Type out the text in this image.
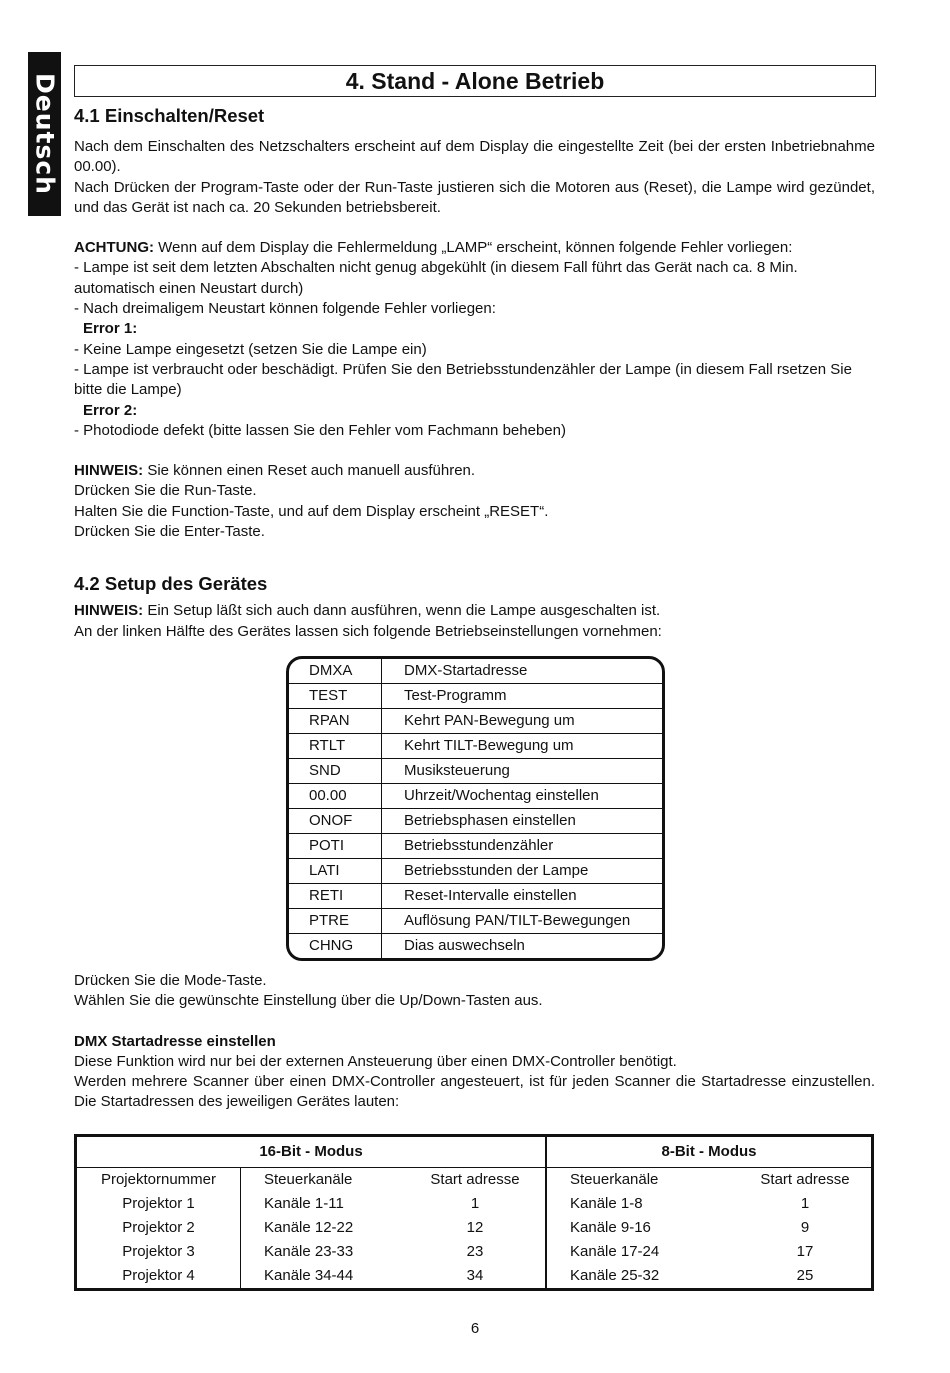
Deutsch	4. Stand - Alone Betrieb
4.1 Einschalten/Reset

Nach dem Einschalten des Netzschalters erscheint auf dem Display die eingestellte Zeit (bei der ersten Inbetriebnahme 00.00).

Nach Drücken der Program-Taste oder der Run-Taste justieren sich die Motoren aus (Reset), die Lampe wird gezündet, und das Gerät ist nach ca. 20 Sekunden betriebsbereit.

ACHTUNG: Wenn auf dem Display die Fehlermeldung „LAMP“ erscheint, können folgende Fehler vorliegen:

- Lampe ist seit dem letzten Abschalten nicht genug abgekühlt (in diesem Fall führt das Gerät nach ca. 8 Min. automatisch einen Neustart durch)

- Nach dreimaligem Neustart können folgende Fehler vorliegen:

Error 1:

- Keine Lampe eingesetzt (setzen Sie die Lampe ein)

- Lampe ist verbraucht oder beschädigt. Prüfen Sie den Betriebsstundenzähler der Lampe (in diesem Fall rsetzen Sie bitte die Lampe)

Error 2:

- Photodiode defekt (bitte lassen Sie den Fehler vom Fachmann beheben)

HINWEIS: Sie können einen Reset auch manuell ausführen.

Drücken Sie die Run-Taste.

Halten Sie die Function-Taste, und auf dem Display erscheint „RESET“.

Drücken Sie die Enter-Taste.

4.2 Setup des Gerätes

HINWEIS: Ein Setup läßt sich auch dann ausführen, wenn die Lampe ausgeschalten ist.

An der linken Hälfte des Gerätes lassen sich folgende Betriebseinstellungen vornehmen:

DMXA	DMX-Startadresse
TEST	Test-Programm
RPAN	Kehrt PAN-Bewegung um
RTLT	Kehrt TILT-Bewegung um
SND	Musiksteuerung
00.00	Uhrzeit/Wochentag einstellen
ONOF	Betriebsphasen einstellen
POTI	Betriebsstundenzähler
LATI	Betriebsstunden der Lampe
RETI	Reset-Intervalle einstellen
PTRE	Auflösung PAN/TILT-Bewegungen
CHNG	Dias auswechseln

Drücken Sie die Mode-Taste.

Wählen Sie die gewünschte Einstellung über die Up/Down-Tasten aus.

DMX Startadresse einstellen

Diese Funktion wird nur bei der externen Ansteuerung über einen DMX-Controller benötigt.

Werden mehrere Scanner über einen DMX-Controller angesteuert, ist für jeden Scanner die Startadresse einzustellen. Die Startadressen des jeweiligen Gerätes lauten:

16-Bit - Modus			8-Bit - Modus	
Projektornummer	Steuerkanäle	Start adresse	Steuerkanäle	Start adresse
Projektor 1	Kanäle 1-11	1	Kanäle 1-8	1
Projektor 2	Kanäle 12-22	12	Kanäle 9-16	9
Projektor 3	Kanäle 23-33	23	Kanäle 17-24	17
Projektor 4	Kanäle 34-44	34	Kanäle 25-32	25
6
